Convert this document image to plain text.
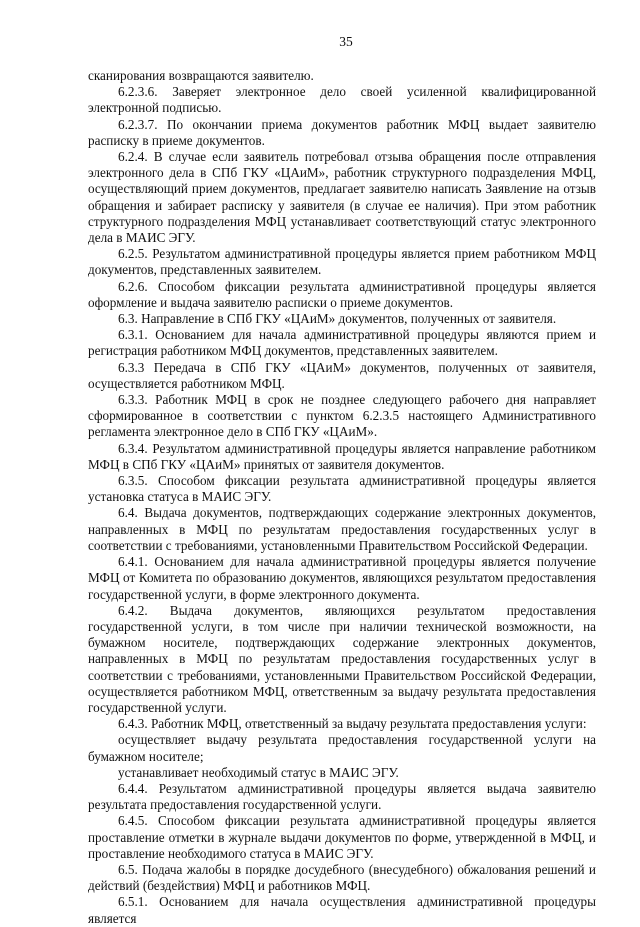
35

сканирования возвращаются заявителю.

6.2.3.6. Заверяет электронное дело своей усиленной квалифицированной электронной подписью.

6.2.3.7. По окончании приема документов работник МФЦ выдает заявителю расписку в приеме документов.

6.2.4. В случае если заявитель потребовал отзыва обращения после отправления электронного дела в СПб ГКУ «ЦАиМ», работник структурного подразделения МФЦ, осуществляющий прием документов, предлагает заявителю написать Заявление на отзыв обращения и забирает расписку у заявителя (в случае ее наличия). При этом работник структурного подразделения МФЦ устанавливает соответствующий статус электронного дела в МАИС ЭГУ.

6.2.5. Результатом административной процедуры является прием работником МФЦ документов, представленных заявителем.

6.2.6. Способом фиксации результата административной процедуры является оформление и выдача заявителю расписки о приеме документов.

6.3. Направление в СПб ГКУ «ЦАиМ» документов, полученных от заявителя.

6.3.1. Основанием для начала административной процедуры являются прием и регистрация работником МФЦ документов, представленных заявителем.

6.3.3 Передача в СПб ГКУ «ЦАиМ» документов, полученных от заявителя, осуществляется работником МФЦ.

6.3.3. Работник МФЦ в срок не позднее следующего рабочего дня направляет сформированное в соответствии с пунктом 6.2.3.5 настоящего Административного регламента электронное дело в СПб ГКУ «ЦАиМ».

6.3.4. Результатом административной процедуры является направление работником МФЦ в СПб ГКУ «ЦАиМ» принятых от заявителя документов.

6.3.5. Способом фиксации результата административной процедуры является установка статуса в МАИС ЭГУ.

6.4. Выдача документов, подтверждающих содержание электронных документов, направленных в МФЦ по результатам предоставления государственных услуг в соответствии с требованиями, установленными Правительством Российской Федерации.

6.4.1. Основанием для начала административной процедуры является получение МФЦ от Комитета по образованию документов, являющихся результатом предоставления государственной услуги, в форме электронного документа.

6.4.2. Выдача документов, являющихся результатом предоставления государственной услуги, в том числе при наличии технической возможности, на бумажном носителе, подтверждающих содержание электронных документов, направленных в МФЦ по результатам предоставления государственных услуг в соответствии с требованиями, установленными Правительством Российской Федерации, осуществляется работником МФЦ, ответственным за выдачу результата предоставления государственной услуги.

6.4.3. Работник МФЦ, ответственный за выдачу результата предоставления услуги:

осуществляет выдачу результата предоставления государственной услуги на бумажном носителе;

устанавливает необходимый статус в МАИС ЭГУ.

6.4.4. Результатом административной процедуры является выдача заявителю результата предоставления государственной услуги.

6.4.5. Способом фиксации результата административной процедуры является проставление отметки в журнале выдачи документов по форме, утвержденной в МФЦ, и проставление необходимого статуса в МАИС ЭГУ.

6.5. Подача жалобы в порядке досудебного (внесудебного) обжалования решений и действий (бездействия) МФЦ и работников МФЦ.

6.5.1. Основанием для начала осуществления административной процедуры является
